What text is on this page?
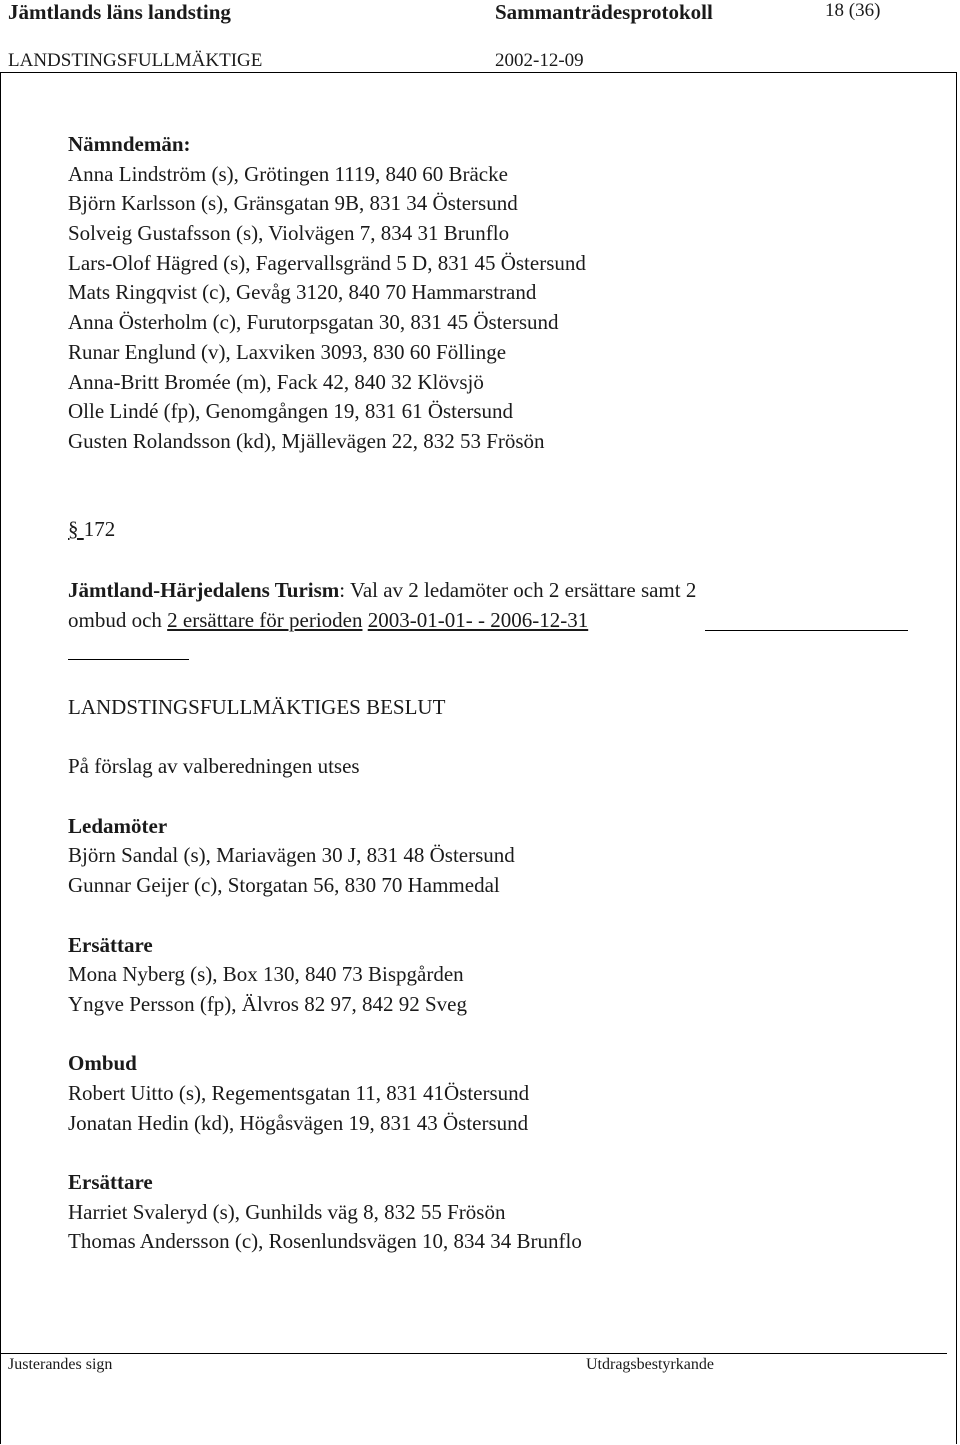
Jämtlands läns landsting	Sammanträdesprotokoll	18 (36)
LANDSTINGSFULLMÄKTIGE	2002-12-09
Nämndemän:
Anna Lindström (s), Grötingen 1119, 840 60 Bräcke
Björn Karlsson (s), Gränsgatan 9B, 831 34 Östersund
Solveig Gustafsson (s), Violvägen 7, 834 31 Brunflo
Lars-Olof Hägred (s), Fagervallsgränd 5 D, 831 45 Östersund
Mats Ringqvist (c), Gevåg 3120, 840 70 Hammarstrand
Anna Österholm (c), Furutorpsgatan 30, 831 45 Östersund
Runar Englund (v), Laxviken 3093, 830 60 Föllinge
Anna-Britt Bromée (m), Fack 42, 840 32 Klövsjö
Olle Lindé (fp), Genomgången 19, 831 61 Östersund
Gusten Rolandsson (kd), Mjällevägen 22, 832 53 Frösön
§ 172
Jämtland-Härjedalens Turism: Val av 2 ledamöter och 2 ersättare samt 2
ombud och 2 ersättare för perioden 2003-01-01- - 2006-12-31
LANDSTINGSFULLMÄKTIGES BESLUT
På förslag av valberedningen utses
Ledamöter
Björn Sandal (s), Mariavägen 30 J, 831 48 Östersund
Gunnar Geijer (c), Storgatan 56, 830 70 Hammedal
Ersättare
Mona Nyberg (s), Box 130, 840 73 Bispgården
Yngve Persson (fp), Älvros 82 97, 842 92 Sveg
Ombud
Robert Uitto (s), Regementsgatan 11, 831 41Östersund
Jonatan Hedin (kd), Högåsvägen 19, 831 43 Östersund
Ersättare
Harriet Svaleryd (s), Gunhilds väg 8, 832 55 Frösön
Thomas Andersson (c), Rosenlundsvägen 10, 834 34 Brunflo
Justerandes sign	Utdragsbestyrkande
